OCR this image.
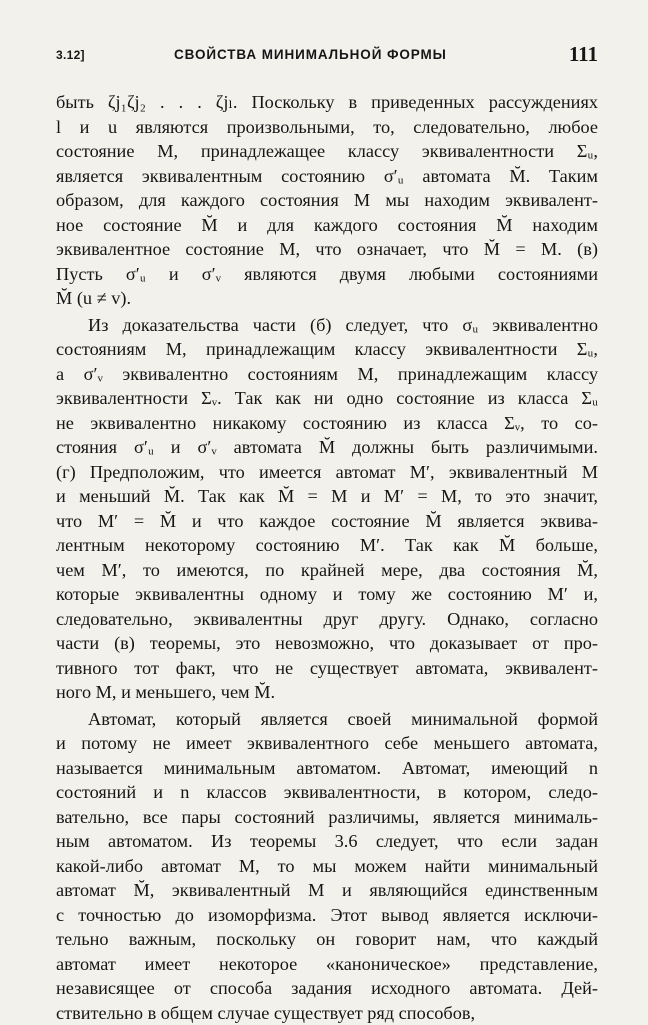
3.12]	СВОЙСТВА МИНИМАЛЬНОЙ ФОРМЫ	111
быть ζj₁ζj₂ . . . ζjₗ. Поскольку в приведенных рассуждениях
l и u являются произвольными, то, следовательно, любое
состояние M, принадлежащее классу эквивалентности Σᵤ,
является эквивалентным состоянию σ′ᵤ автомата M̆. Таким
образом, для каждого состояния M мы находим эквивалент-
ное состояние M̆ и для каждого состояния M̆ находим
эквивалентное состояние M, что означает, что M̆ = M. (в)
Пусть σ′ᵤ и σ′ᵥ являются двумя любыми состояниями
M̆ (u ≠ v).
Из доказательства части (б) следует, что σᵤ эквивалентно
состояниям M, принадлежащим классу эквивалентности Σᵤ,
а σ′ᵥ эквивалентно состояниям M, принадлежащим классу
эквивалентности Σᵥ. Так как ни одно состояние из класса Σᵤ
не эквивалентно никакому состоянию из класса Σᵥ, то со-
стояния σ′ᵤ и σ′ᵥ автомата M̆ должны быть различимыми.
(г) Предположим, что имеется автомат M′, эквивалентный M
и меньший M̆. Так как M̆ = M и M′ = M, то это значит,
что M′ = M̆ и что каждое состояние M̆ является эквива-
лентным некоторому состоянию M′. Так как M̆ больше,
чем M′, то имеются, по крайней мере, два состояния M̆,
которые эквивалентны одному и тому же состоянию M′ и,
следовательно, эквивалентны друг другу. Однако, согласно
части (в) теоремы, это невозможно, что доказывает от про-
тивного тот факт, что не существует автомата, эквивалент-
ного M, и меньшего, чем M̆.
Автомат, который является своей минимальной формой
и потому не имеет эквивалентного себе меньшего автомата,
называется минимальным автоматом. Автомат, имеющий n
состояний и n классов эквивалентности, в котором, следо-
вательно, все пары состояний различимы, является минималь-
ным автоматом. Из теоремы 3.6 следует, что если задан
какой-либо автомат M, то мы можем найти минимальный
автомат M̆, эквивалентный M и являющийся единственным
с точностью до изоморфизма. Этот вывод является исключи-
тельно важным, поскольку он говорит нам, что каждый
автомат имеет некоторое «каноническое» представление,
независящее от способа задания исходного автомата. Дей-
ствительно в общем случае существует ряд способов,
